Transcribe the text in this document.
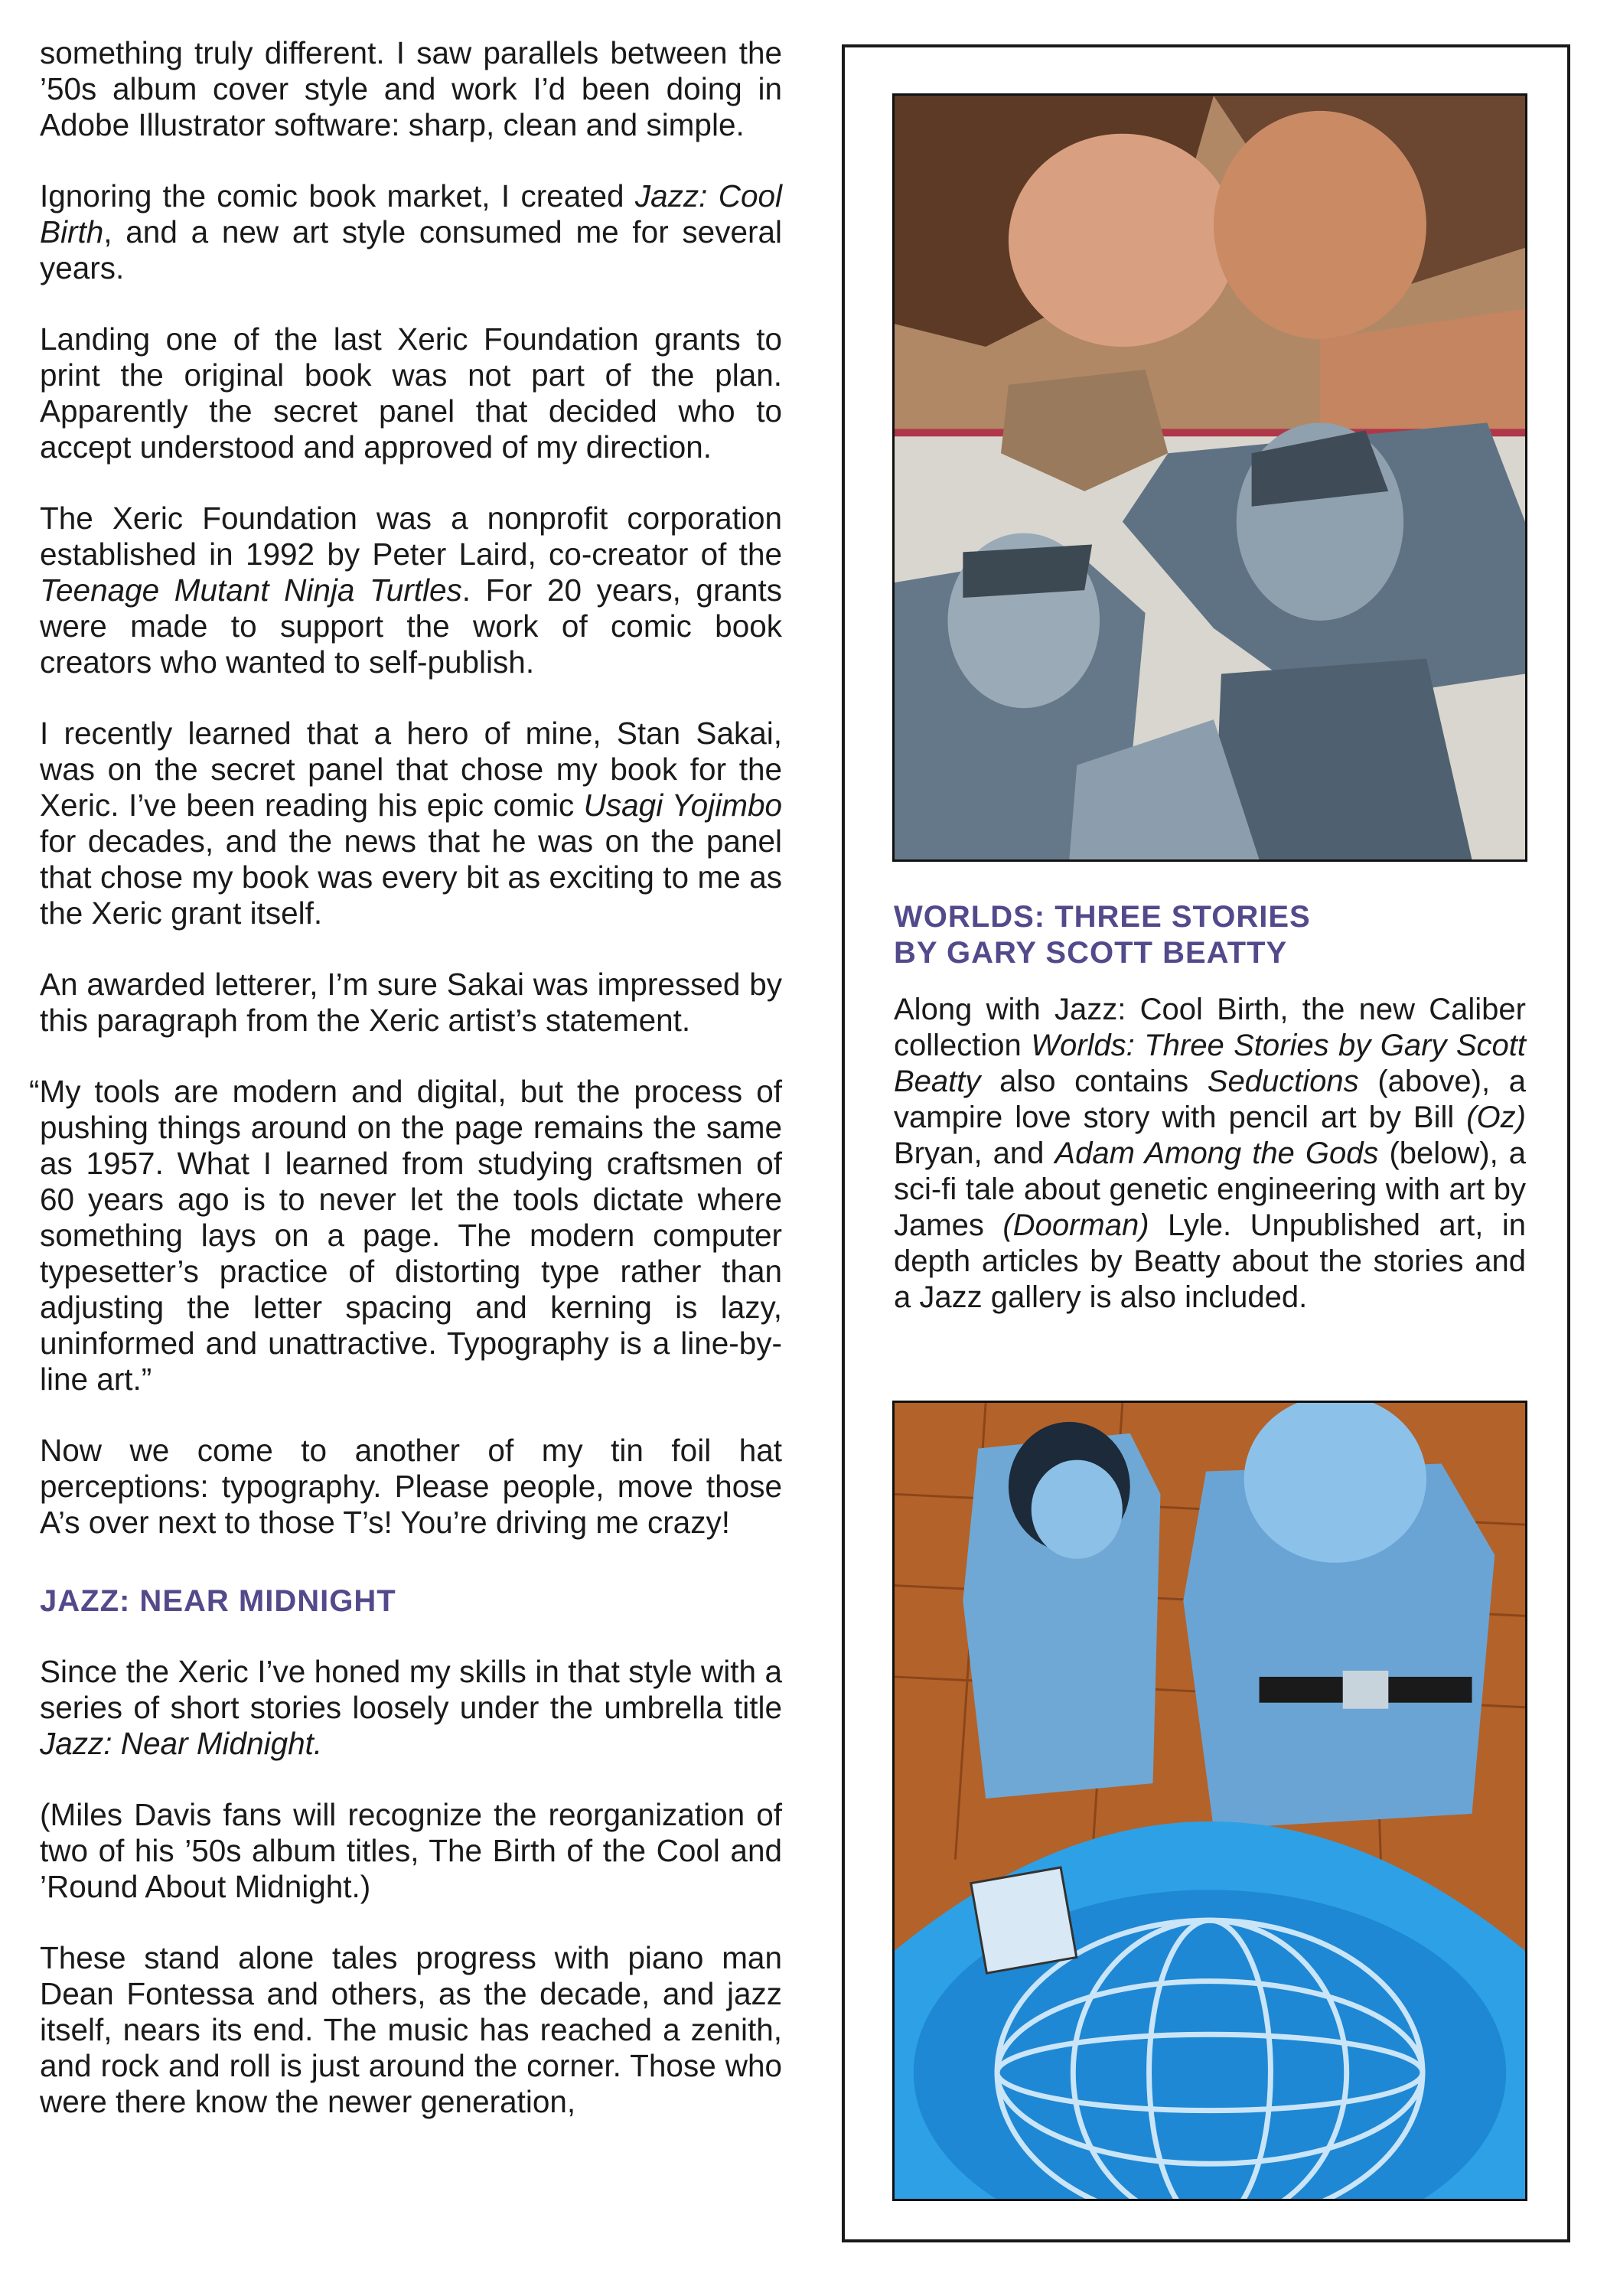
something truly different. I saw parallels between the ’50s album cover style and work I’d been doing in Adobe Illustrator software: sharp, clean and simple.

Ignoring the comic book market, I created Jazz: Cool Birth, and a new art style consumed me for several years.

Landing one of the last Xeric Foundation grants to print the original book was not part of the plan. Apparently the secret panel that decided who to accept understood and approved of my direction.

The Xeric Foundation was a nonprofit corporation established in 1992 by Peter Laird, co-creator of the Teenage Mutant Ninja Turtles. For 20 years, grants were made to support the work of comic book creators who wanted to self-publish.

I recently learned that a hero of mine, Stan Sakai, was on the secret panel that chose my book for the Xeric. I’ve been reading his epic comic Usagi Yojimbo for decades, and the news that he was on the panel that chose my book was every bit as exciting to me as the Xeric grant itself.

An awarded letterer, I’m sure Sakai was impressed by this paragraph from the Xeric artist’s statement.

“My tools are modern and digital, but the process of pushing things around on the page remains the same as 1957. What I learned from studying craftsmen of 60 years ago is to never let the tools dictate where something lays on a page. The modern computer typesetter’s practice of distorting type rather than adjusting the letter spacing and kerning is lazy, uninformed and unattractive. Typography is a line-by-line art.”

Now we come to another of my tin foil hat perceptions: typography. Please people, move those A’s over next to those T’s! You’re driving me crazy!

JAZZ: NEAR MIDNIGHT

Since the Xeric I’ve honed my skills in that style with a series of short stories loosely under the umbrella title Jazz: Near Midnight.

(Miles Davis fans will recognize the reorganization of two of his ’50s album titles, The Birth of the Cool and ’Round About Midnight.)

These stand alone tales progress with piano man Dean Fontessa and others, as the decade, and jazz itself, nears its end. The music has reached a zenith, and rock and roll is just around the corner. Those who were there know the newer generation,

WORLDS: THREE STORIES
BY GARY SCOTT BEATTY

Along with Jazz: Cool Birth, the new Caliber collection Worlds: Three Stories by Gary Scott Beatty also contains Seductions (above), a vampire love story with pencil art by Bill (Oz) Bryan, and Adam Among the Gods (below), a sci-fi tale about genetic engineering with art by James (Doorman) Lyle. Unpublished art, in depth articles by Beatty about the stories and a Jazz gallery is also included.
